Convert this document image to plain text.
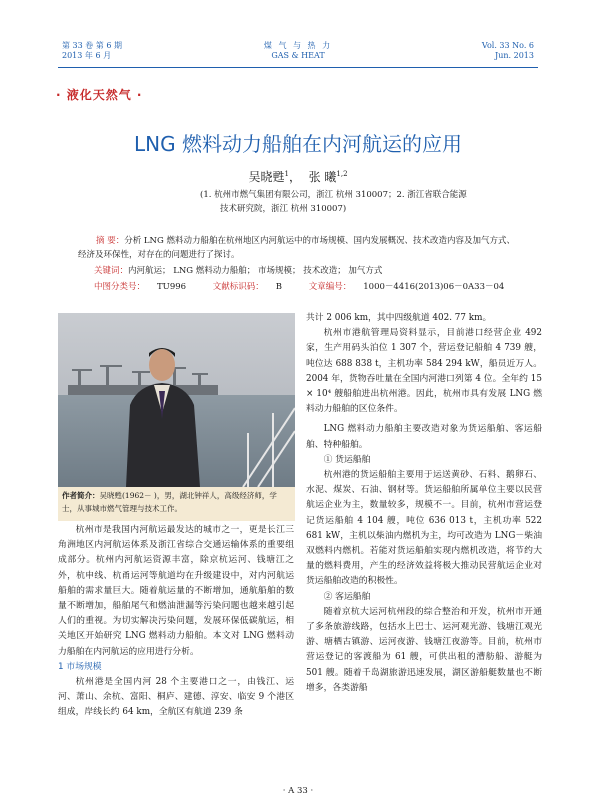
第 33 卷 第 6 期
2013 年 6 月
煤 气 与 热 力
GAS & HEAT
Vol. 33 No. 6
Jun. 2013
· 液化天然气 ·
LNG 燃料动力船舶在内河航运的应用
吴晓甦$^1$，  张 曦$^{1,2}$
(1. 杭州市燃气集团有限公司，浙江 杭州 310007；2. 浙江省联合能源
技术研究院，浙江 杭州 310007)
摘 要：分析 LNG 燃料动力船舶在杭州地区内河航运中的市场规模、国内发展概况、技术改造内容及加气方式、经济及环保性，对存在的问题进行了探讨。
关键词：内河航运； LNG 燃料动力船舶； 市场规模； 技术改造； 加气方式
中图分类号： TU996	文献标识码： B	文章编号： 1000－4416(2013)06－0A33－04
作者简介：吴晓甦(1962－ )，男，湖北钟祥人，高级经济师，学士，从事城市燃气管理与技术工作。

杭州市是我国内河航运最发达的城市之一，更是长江三角洲地区内河航运体系及浙江省综合交通运输体系的重要组成部分。杭州内河航运资源丰富，除京杭运河、钱塘江之外，杭申线、杭甬运河等航道均在升级建设中，对内河航运船舶的需求量巨大。随着航运量的不断增加，通航船舶的数量不断增加，船舶尾气和燃油泄漏等污染问题也越来越引起人们的重视。为切实解决污染问题，发展环保低碳航运，相关地区开始研究 LNG 燃料动力船舶。本文对 LNG 燃料动力船舶在内河航运的应用进行分析。

1 市场规模

杭州港是全国内河 28 个主要港口之一，由钱江、运河、萧山、余杭、富阳、桐庐、建德、淳安、临安 9 个港区组成，岸线长约 64 km，全航区有航道 239 条

共计 2 006 km，其中四级航道 402. 77 km。

杭州市港航管理局资料显示，目前港口经营企业 492 家，生产用码头泊位 1 307 个，营运登记船舶 4 739 艘，吨位达 688 838 t，主机功率 584 294 kW，船员近万人。2004 年，货物吞吐量在全国内河港口列第 4 位。全年约 15 × 10⁴ 艘船舶进出杭州港。因此，杭州市具有发展 LNG 燃料动力船舶的区位条件。

LNG 燃料动力船舶主要改造对象为货运船舶、客运船舶、特种船舶。

① 货运船舶

杭州港的货运船舶主要用于运送黄砂、石料、鹅卵石、水泥、煤炭、石油、钢材等。货运船舶所属单位主要以民营航运企业为主，数量较多，规模不一。目前，杭州市营运登记货运船舶 4 104 艘，吨位 636 013 t，主机功率 522 681 kW，主机以柴油内燃机为主，均可改造为 LNG－柴油双燃料内燃机。若能对货运船舶实现内燃机改造，将节约大量的燃料费用，产生的经济效益将极大推动民营航运企业对货运船舶改造的积极性。

② 客运船舶

随着京杭大运河杭州段的综合整治和开发，杭州市开通了多条旅游线路，包括水上巴士、运河观光游、钱塘江观光游、塘栖古镇游、运河夜游、钱塘江夜游等。目前，杭州市营运登记的客渡船为 61 艘，可供出租的漕舫船、游艇为 501 艘。随着千岛湖旅游迅速发展，湖区游船艇数量也不断增多，各类游船

· A 33 ·
